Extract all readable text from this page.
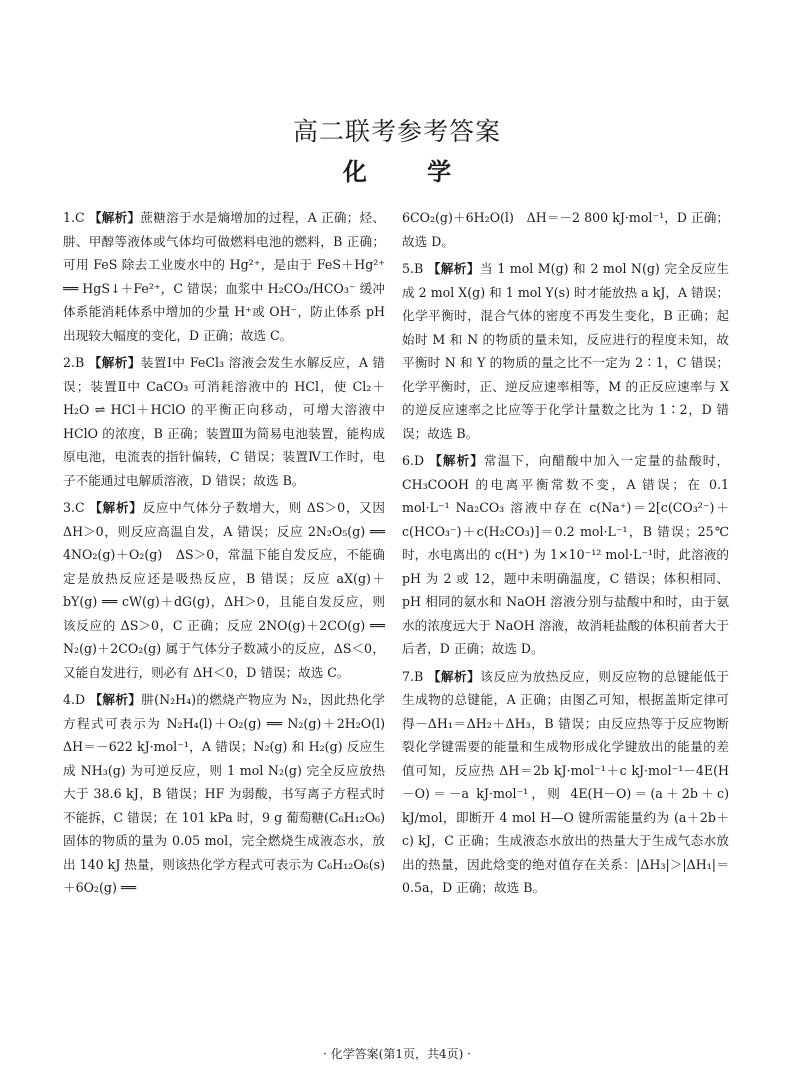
高二联考参考答案
化 学

1.C 【解析】蔗糖溶于水是熵增加的过程，A 正确；烃、肼、甲醇等液体或气体均可做燃料电池的燃料，B 正确；可用 FeS 除去工业废水中的 Hg²⁺，是由于 FeS＋Hg²⁺ ══ HgS↓＋Fe²⁺，C 错误；血浆中 H₂CO₃/HCO₃⁻ 缓冲体系能消耗体系中增加的少量 H⁺或 OH⁻，防止体系 pH 出现较大幅度的变化，D 正确；故选 C。

2.B 【解析】装置Ⅰ中 FeCl₃ 溶液会发生水解反应，A 错误；装置Ⅱ中 CaCO₃ 可消耗溶液中的 HCl，使 Cl₂＋H₂O ⇌ HCl＋HClO 的平衡正向移动，可增大溶液中 HClO 的浓度，B 正确；装置Ⅲ为简易电池装置，能构成原电池，电流表的指针偏转，C 错误；装置Ⅳ工作时，电子不能通过电解质溶液，D 错误；故选 B。

3.C 【解析】反应中气体分子数增大，则 ΔS＞0，又因 ΔH＞0，则反应高温自发，A 错误；反应 2N₂O₅(g) ══ 4NO₂(g)＋O₂(g)　ΔS＞0，常温下能自发反应，不能确定是放热反应还是吸热反应，B 错误；反应 aX(g)＋bY(g) ══ cW(g)＋dG(g)，ΔH＞0，且能自发反应，则该反应的 ΔS＞0，C 正确；反应 2NO(g)＋2CO(g) ══ N₂(g)＋2CO₂(g) 属于气体分子数减小的反应，ΔS＜0，又能自发进行，则必有 ΔH＜0，D 错误；故选 C。

4.D 【解析】肼(N₂H₄)的燃烧产物应为 N₂，因此热化学方程式可表示为 N₂H₄(l)＋O₂(g) ══ N₂(g)＋2H₂O(l)　ΔH＝－622 kJ·mol⁻¹，A 错误；N₂(g) 和 H₂(g) 反应生成 NH₃(g) 为可逆反应，则 1 mol N₂(g) 完全反应放热大于 38.6 kJ，B 错误；HF 为弱酸，书写离子方程式时不能拆，C 错误；在 101 kPa 时，9 g 葡萄糖(C₆H₁₂O₆)固体的物质的量为 0.05 mol，完全燃烧生成液态水，放出 140 kJ 热量，则该热化学方程式可表示为 C₆H₁₂O₆(s)＋6O₂(g) ══

6CO₂(g)＋6H₂O(l)　ΔH＝－2 800 kJ·mol⁻¹，D 正确；故选 D。

5.B 【解析】当 1 mol M(g) 和 2 mol N(g) 完全反应生成 2 mol X(g) 和 1 mol Y(s) 时才能放热 a kJ，A 错误；化学平衡时，混合气体的密度不再发生变化，B 正确；起始时 M 和 N 的物质的量未知，反应进行的程度未知，故平衡时 N 和 Y 的物质的量之比不一定为 2∶1，C 错误；化学平衡时，正、逆反应速率相等，M 的正反应速率与 X 的逆反应速率之比应等于化学计量数之比为 1∶2，D 错误；故选 B。

6.D 【解析】常温下，向醋酸中加入一定量的盐酸时，CH₃COOH 的电离平衡常数不变，A 错误；在 0.1 mol·L⁻¹ Na₂CO₃ 溶液中存在 c(Na⁺)＝2[c(CO₃²⁻)＋c(HCO₃⁻)＋c(H₂CO₃)]＝0.2 mol·L⁻¹，B 错误；25℃时，水电离出的 c(H⁺) 为 1×10⁻¹² mol·L⁻¹时，此溶液的 pH 为 2 或 12，题中未明确温度，C 错误；体积相同、pH 相同的氨水和 NaOH 溶液分别与盐酸中和时，由于氨水的浓度远大于 NaOH 溶液，故消耗盐酸的体积前者大于后者，D 正确；故选 D。

7.B 【解析】该反应为放热反应，则反应物的总键能低于生成物的总键能，A 正确；由图乙可知，根据盖斯定律可得－ΔH₁＝ΔH₂＋ΔH₃，B 错误；由反应热等于反应物断裂化学键需要的能量和生成物形成化学键放出的能量的差值可知，反应热 ΔH＝2b kJ·mol⁻¹＋c kJ·mol⁻¹－4E(H－O)＝－a kJ·mol⁻¹，则 4E(H－O)＝(a＋2b＋c) kJ/mol，即断开 4 mol H—O 键所需能量约为 (a＋2b＋c) kJ，C 正确；生成液态水放出的热量大于生成气态水放出的热量，因此焓变的绝对值存在关系：|ΔH₃|＞|ΔH₁|＝0.5a，D 正确；故选 B。

· 化学答案(第1页，共4页) ·
